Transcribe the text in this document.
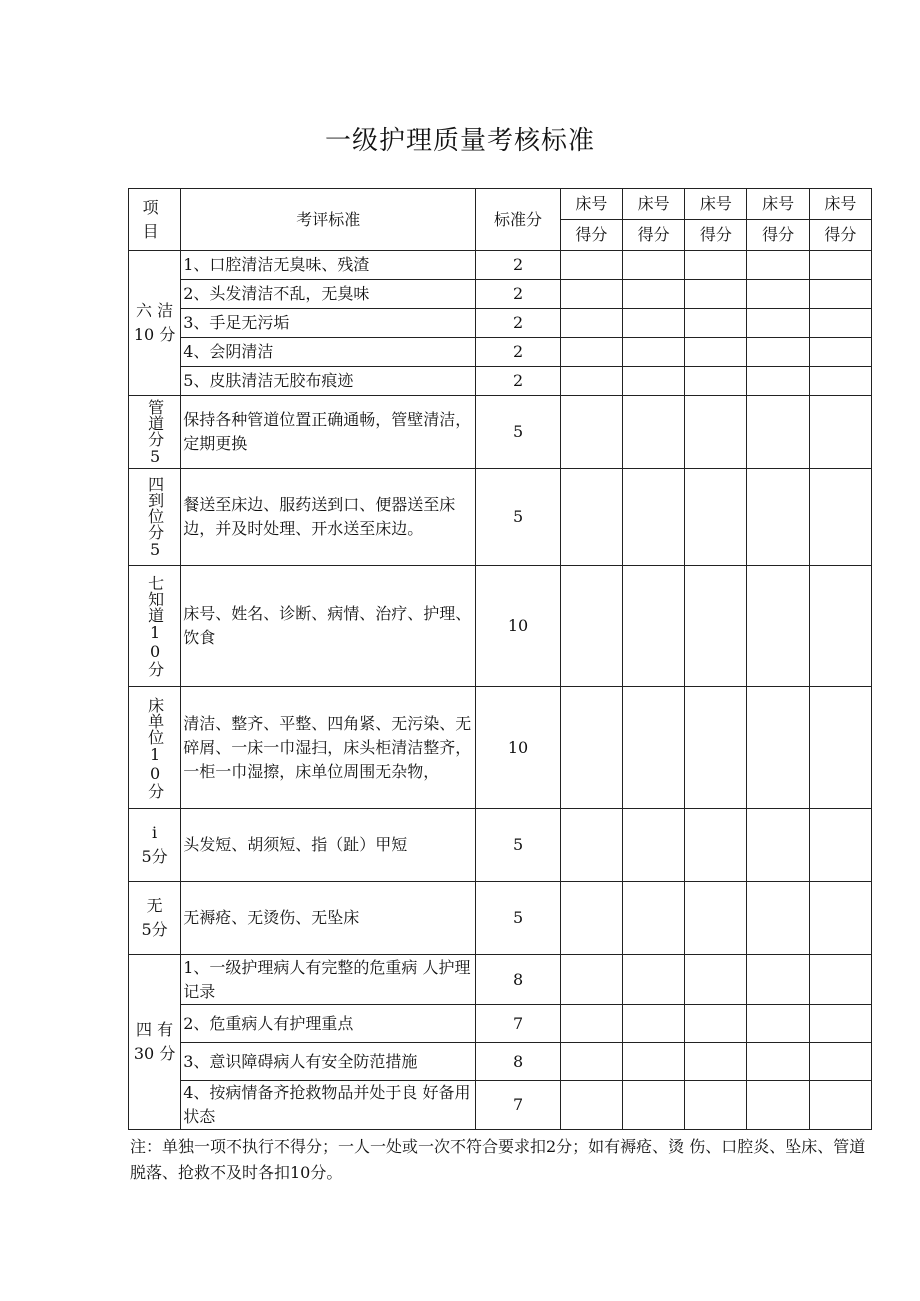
一级护理质量考核标准
项 目	考评标准	标准分	床号	床号	床号	床号	床号
			得分	得分	得分	得分	得分

六 洁
10 分	1、口腔清洁无臭味、残渣	2					
	2、头发清洁不乱，无臭味	2					
	3、手足无污垢	2					
	4、会阴清洁	2					
	5、皮肤清洁无胶布痕迹	2					

管道分5	保持各种管道位置正确通畅，管壁清洁，定期更换	5					

四到位分5	餐送至床边、服药送到口、便器送至床边，并及时处理、开水送至床边。	5					

七知道10分	床号、姓名、诊断、病情、治疗、护理、饮食	10					

床单位10分	清洁、整齐、平整、四角紧、无污染、无碎屑、一床一巾湿扫，床头柜清洁整齐，一柜一巾湿擦，床单位周围无杂物，	10					

i
5分	头发短、胡须短、指（趾）甲短	5					

无
5分	无褥疮、无烫伤、无坠床	5					

四 有
30 分	1、一级护理病人有完整的危重病 人护理记录	8					
	2、危重病人有护理重点	7					
	3、意识障碍病人有安全防范措施	8					
	4、按病情备齐抢救物品并处于良 好备用状态	7					
注：单独一项不执行不得分；一人一处或一次不符合要求扣2分；如有褥疮、烫 伤、口腔炎、坠床、管道脱落、抢救不及时各扣10分。
